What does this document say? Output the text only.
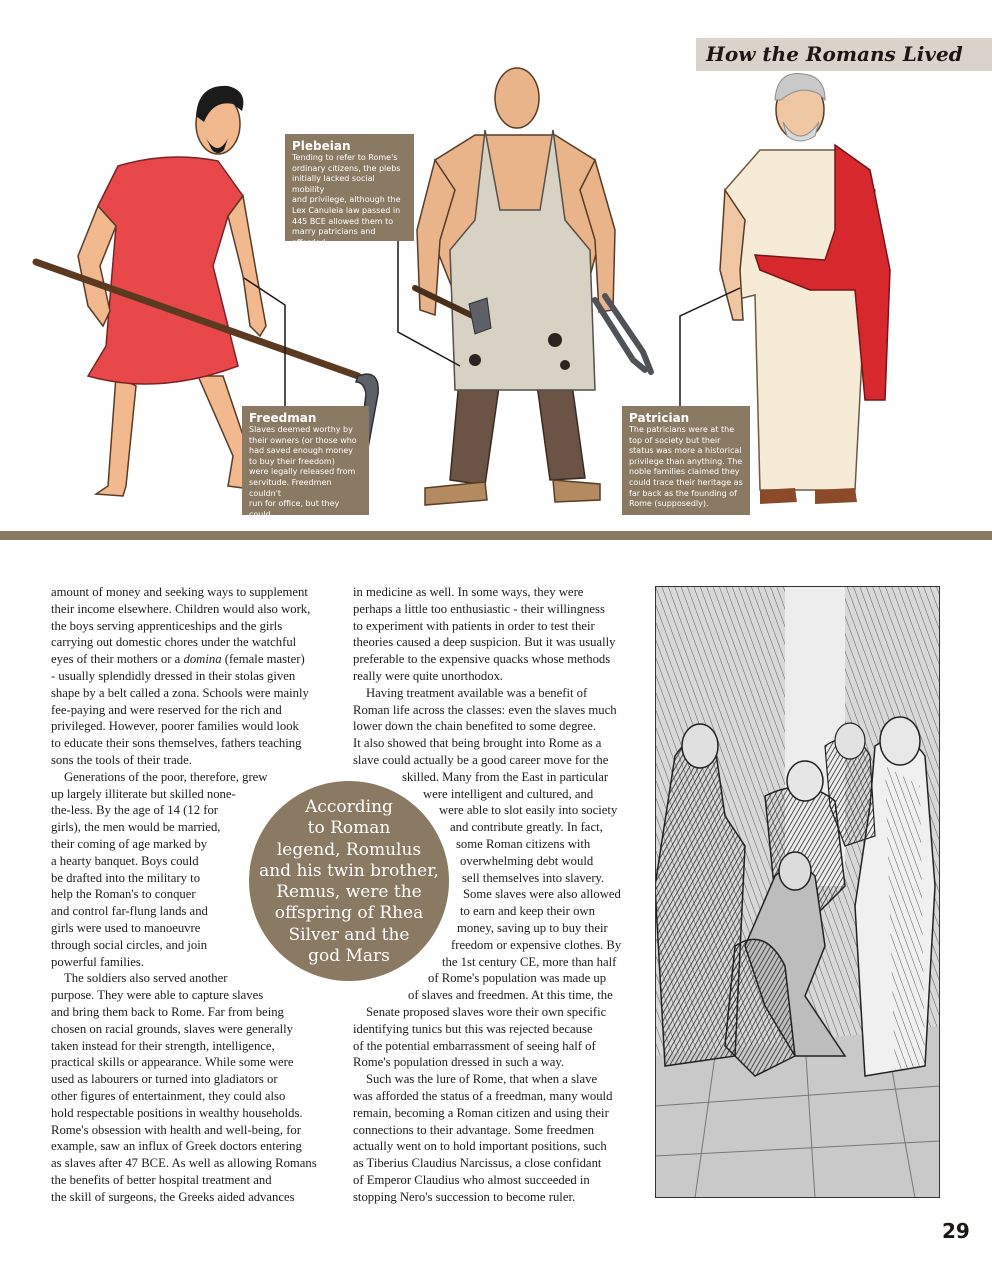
How the Romans Lived
Plebeian
Tending to refer to Rome's
ordinary citizens, the plebs
initially lacked social mobility
and privilege, although the
Lex Canuleia law passed in
445 BCE allowed them to
marry patricians and afforded
them greater rights.
Freedman
Slaves deemed worthy by
their owners (or those who
had saved enough money
to buy their freedom)
were legally released from
servitude. Freedmen couldn't
run for office, but they could
legally marry.
Patrician
The patricians were at the
top of society but their
status was more a historical
privilege than anything. The
noble families claimed they
could trace their heritage as
far back as the founding of
Rome (supposedly).
amount of money and seeking ways to supplement
their income elsewhere. Children would also work,
the boys serving apprenticeships and the girls
carrying out domestic chores under the watchful
eyes of their mothers or a domina (female master)
- usually splendidly dressed in their stolas given
shape by a belt called a zona. Schools were mainly
fee-paying and were reserved for the rich and
privileged. However, poorer families would look
to educate their sons themselves, fathers teaching
sons the tools of their trade.
Generations of the poor, therefore, grew
up largely illiterate but skilled none-
the-less. By the age of 14 (12 for
girls), the men would be married,
their coming of age marked by
a hearty banquet. Boys could
be drafted into the military to
help the Roman's to conquer
and control far-flung lands and
girls were used to manoeuvre
through social circles, and join
powerful families.
The soldiers also served another
purpose. They were able to capture slaves
and bring them back to Rome. Far from being
chosen on racial grounds, slaves were generally
taken instead for their strength, intelligence,
practical skills or appearance. While some were
used as labourers or turned into gladiators or
other figures of entertainment, they could also
hold respectable positions in wealthy households.
Rome's obsession with health and well-being, for
example, saw an influx of Greek doctors entering
as slaves after 47 BCE. As well as allowing Romans
the benefits of better hospital treatment and
the skill of surgeons, the Greeks aided advances
in medicine as well. In some ways, they were
perhaps a little too enthusiastic - their willingness
to experiment with patients in order to test their
theories caused a deep suspicion. But it was usually
preferable to the expensive quacks whose methods
really were quite unorthodox.
Having treatment available was a benefit of
Roman life across the classes: even the slaves much
lower down the chain benefited to some degree.
It also showed that being brought into Rome as a
slave could actually be a good career move for the
skilled. Many from the East in particular
were intelligent and cultured, and
were able to slot easily into society
and contribute greatly. In fact,
some Roman citizens with
overwhelming debt would
sell themselves into slavery.
Some slaves were also allowed
to earn and keep their own
money, saving up to buy their
freedom or expensive clothes. By
the 1st century CE, more than half
of Rome's population was made up
of slaves and freedmen. At this time, the
Senate proposed slaves wore their own specific
identifying tunics but this was rejected because
of the potential embarrassment of seeing half of
Rome's population dressed in such a way.
Such was the lure of Rome, that when a slave
was afforded the status of a freedman, many would
remain, becoming a Roman citizen and using their
connections to their advantage. Some freedmen
actually went on to hold important positions, such
as Tiberius Claudius Narcissus, a close confidant
of Emperor Claudius who almost succeeded in
stopping Nero's succession to become ruler.
According
to Roman
legend, Romulus
and his twin brother,
Remus, were the
offspring of Rhea
Silver and the
god Mars
29
